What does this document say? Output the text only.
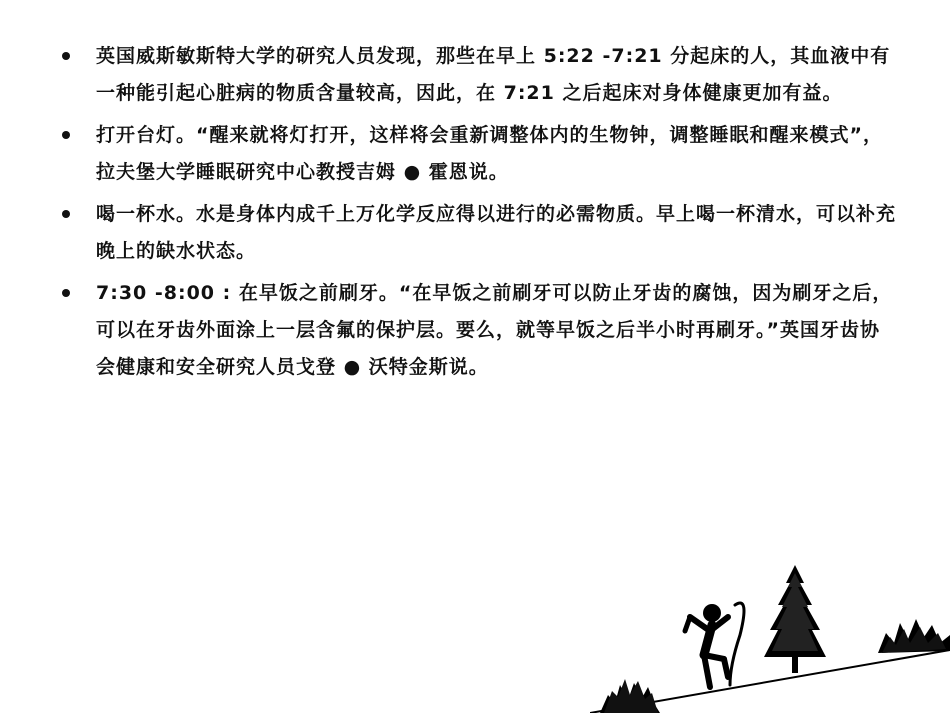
英国威斯敏斯特大学的研究人员发现，那些在早上 5:22 -7:21 分起床的人，其血液中有一种能引起心脏病的物质含量较高，因此，在 7:21 之后起床对身体健康更加有益。
打开台灯。“醒来就将灯打开，这样将会重新调整体内的生物钟，调整睡眠和醒来模式”，拉夫堡大学睡眠研究中心教授吉姆 ● 霍恩说。
喝一杯水。水是身体内成千上万化学反应得以进行的必需物质。早上喝一杯清水，可以补充晚上的缺水状态。
7:30 -8:00 : 在早饭之前刷牙。“在早饭之前刷牙可以防止牙齿的腐蚀，因为刷牙之后，可以在牙齿外面涂上一层含氟的保护层。要么，就等早饭之后半小时再刷牙。”英国牙齿协会健康和安全研究人员戈登 ● 沃特金斯说。
